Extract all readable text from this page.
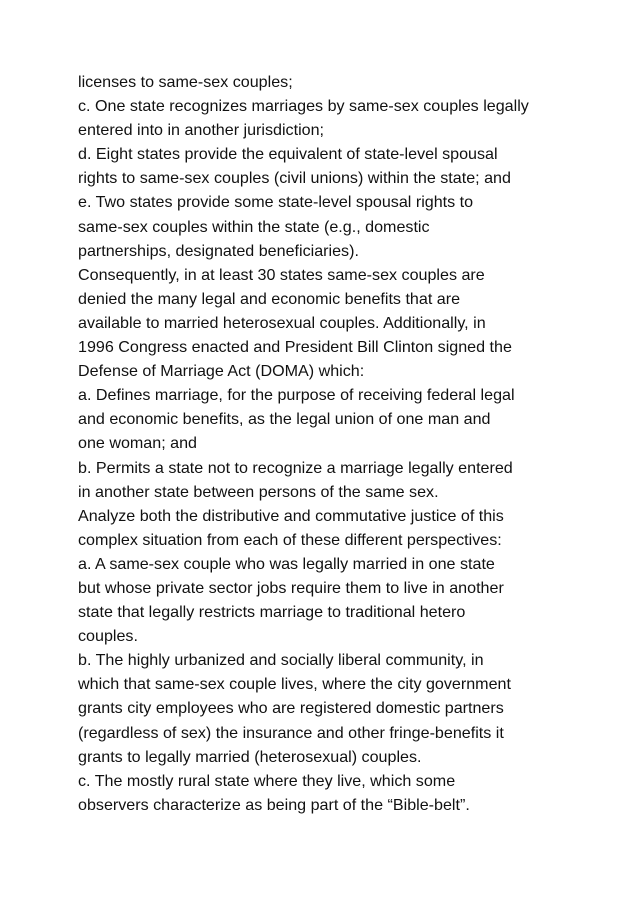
licenses to same-sex couples;
c. One state recognizes marriages by same-sex couples legally
entered into in another jurisdiction;
d. Eight states provide the equivalent of state-level spousal
rights to same-sex couples (civil unions) within the state; and
e. Two states provide some state-level spousal rights to
same-sex couples within the state (e.g., domestic
partnerships, designated beneficiaries).
Consequently, in at least 30 states same-sex couples are
denied the many legal and economic benefits that are
available to married heterosexual couples. Additionally, in
1996 Congress enacted and President Bill Clinton signed the
Defense of Marriage Act (DOMA) which:
a. Defines marriage, for the purpose of receiving federal legal
and economic benefits, as the legal union of one man and
one woman; and
b. Permits a state not to recognize a marriage legally entered
in another state between persons of the same sex.
Analyze both the distributive and commutative justice of this
complex situation from each of these different perspectives:
a. A same-sex couple who was legally married in one state
but whose private sector jobs require them to live in another
state that legally restricts marriage to traditional hetero
couples.
b. The highly urbanized and socially liberal community, in
which that same-sex couple lives, where the city government
grants city employees who are registered domestic partners
(regardless of sex) the insurance and other fringe-benefits it
grants to legally married (heterosexual) couples.
c. The mostly rural state where they live, which some
observers characterize as being part of the “Bible-belt”.
